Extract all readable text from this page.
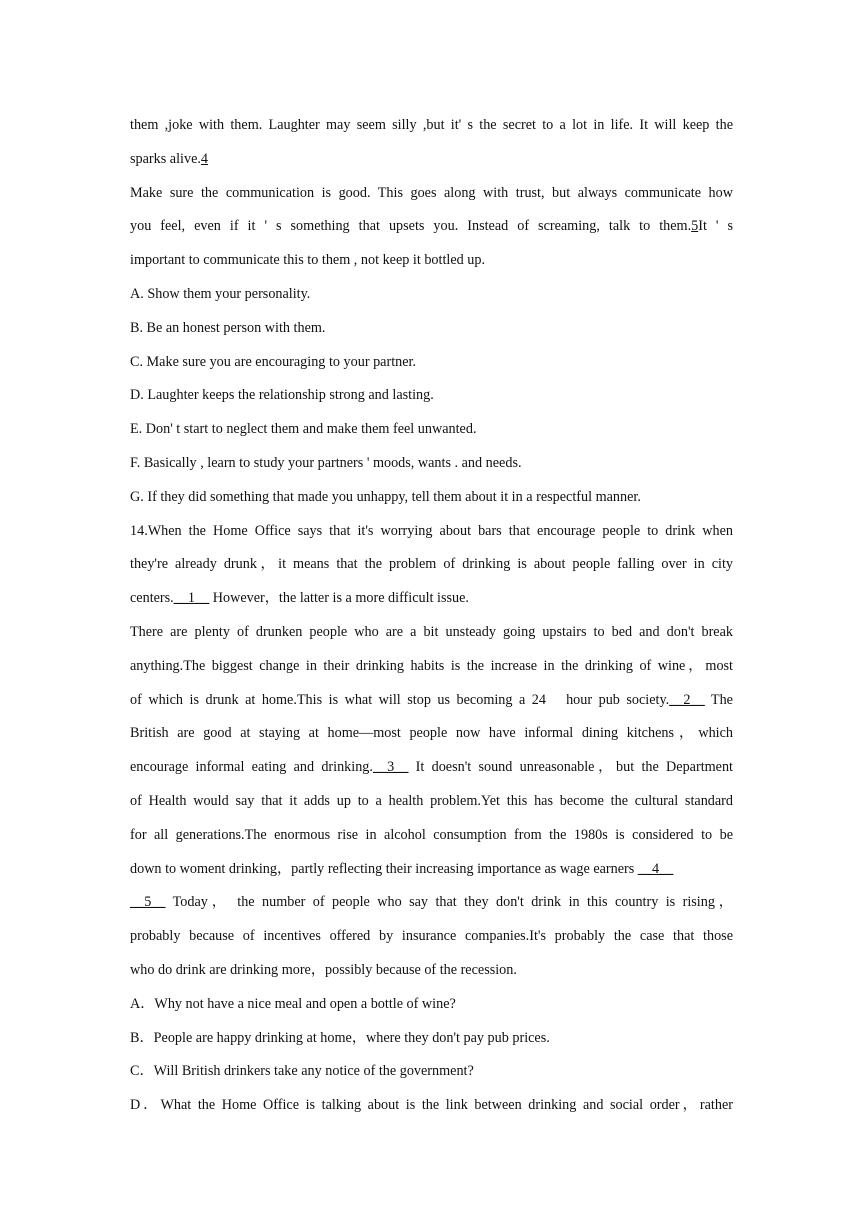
them ,joke with them. Laughter may seem silly ,but it' s the secret to a lot in life. It will keep the

sparks alive.4

Make sure the communication is good. This goes along with trust, but always communicate how

you feel, even if it ' s something that upsets you. Instead of screaming, talk to them.5It ' s

important to communicate this to them , not keep it bottled up.

A. Show them your personality.

B. Be an honest person with them.

C. Make sure you are encouraging to your partner.

D. Laughter keeps the relationship strong and lasting.

E. Don' t start to neglect them and make them feel unwanted.

F. Basically , learn to study your partners ' moods, wants . and needs.

G. If they did something that made you unhappy, tell them about it in a respectful manner.

14.When the Home Office says that it's worrying about bars that encourage people to drink when

they're already drunk，it means that the problem of drinking is about people falling over in city

centers.__1__ However，the latter is a more difficult issue.

There are plenty of drunken people who are a bit unsteady going upstairs to bed and don't break

anything.The biggest change in their drinking habits is the increase in the drinking of wine，most

of which is drunk at home.This is what will stop us becoming a 24　hour pub society.__2__ The

British are good at staying at home—most people now have informal dining kitchens，which

encourage informal eating and drinking.__3__ It doesn't sound unreasonable，but the Department

of Health would say that it adds up to a health problem.Yet this has become the cultural standard

for all generations.The enormous rise in alcohol consumption from the 1980s is considered to be

down to woment drinking，partly reflecting their increasing importance as wage earners __4__

__5__ Today， the number of people who say that they don't drink in this country is rising，

probably because of incentives offered by insurance companies.It's probably the case that those

who do drink are drinking more，possibly because of the recession.

A．Why not have a nice meal and open a bottle of wine?

B．People are happy drinking at home，where they don't pay pub prices.

C．Will British drinkers take any notice of the government?

D．What the Home Office is talking about is the link between drinking and social order，rather
